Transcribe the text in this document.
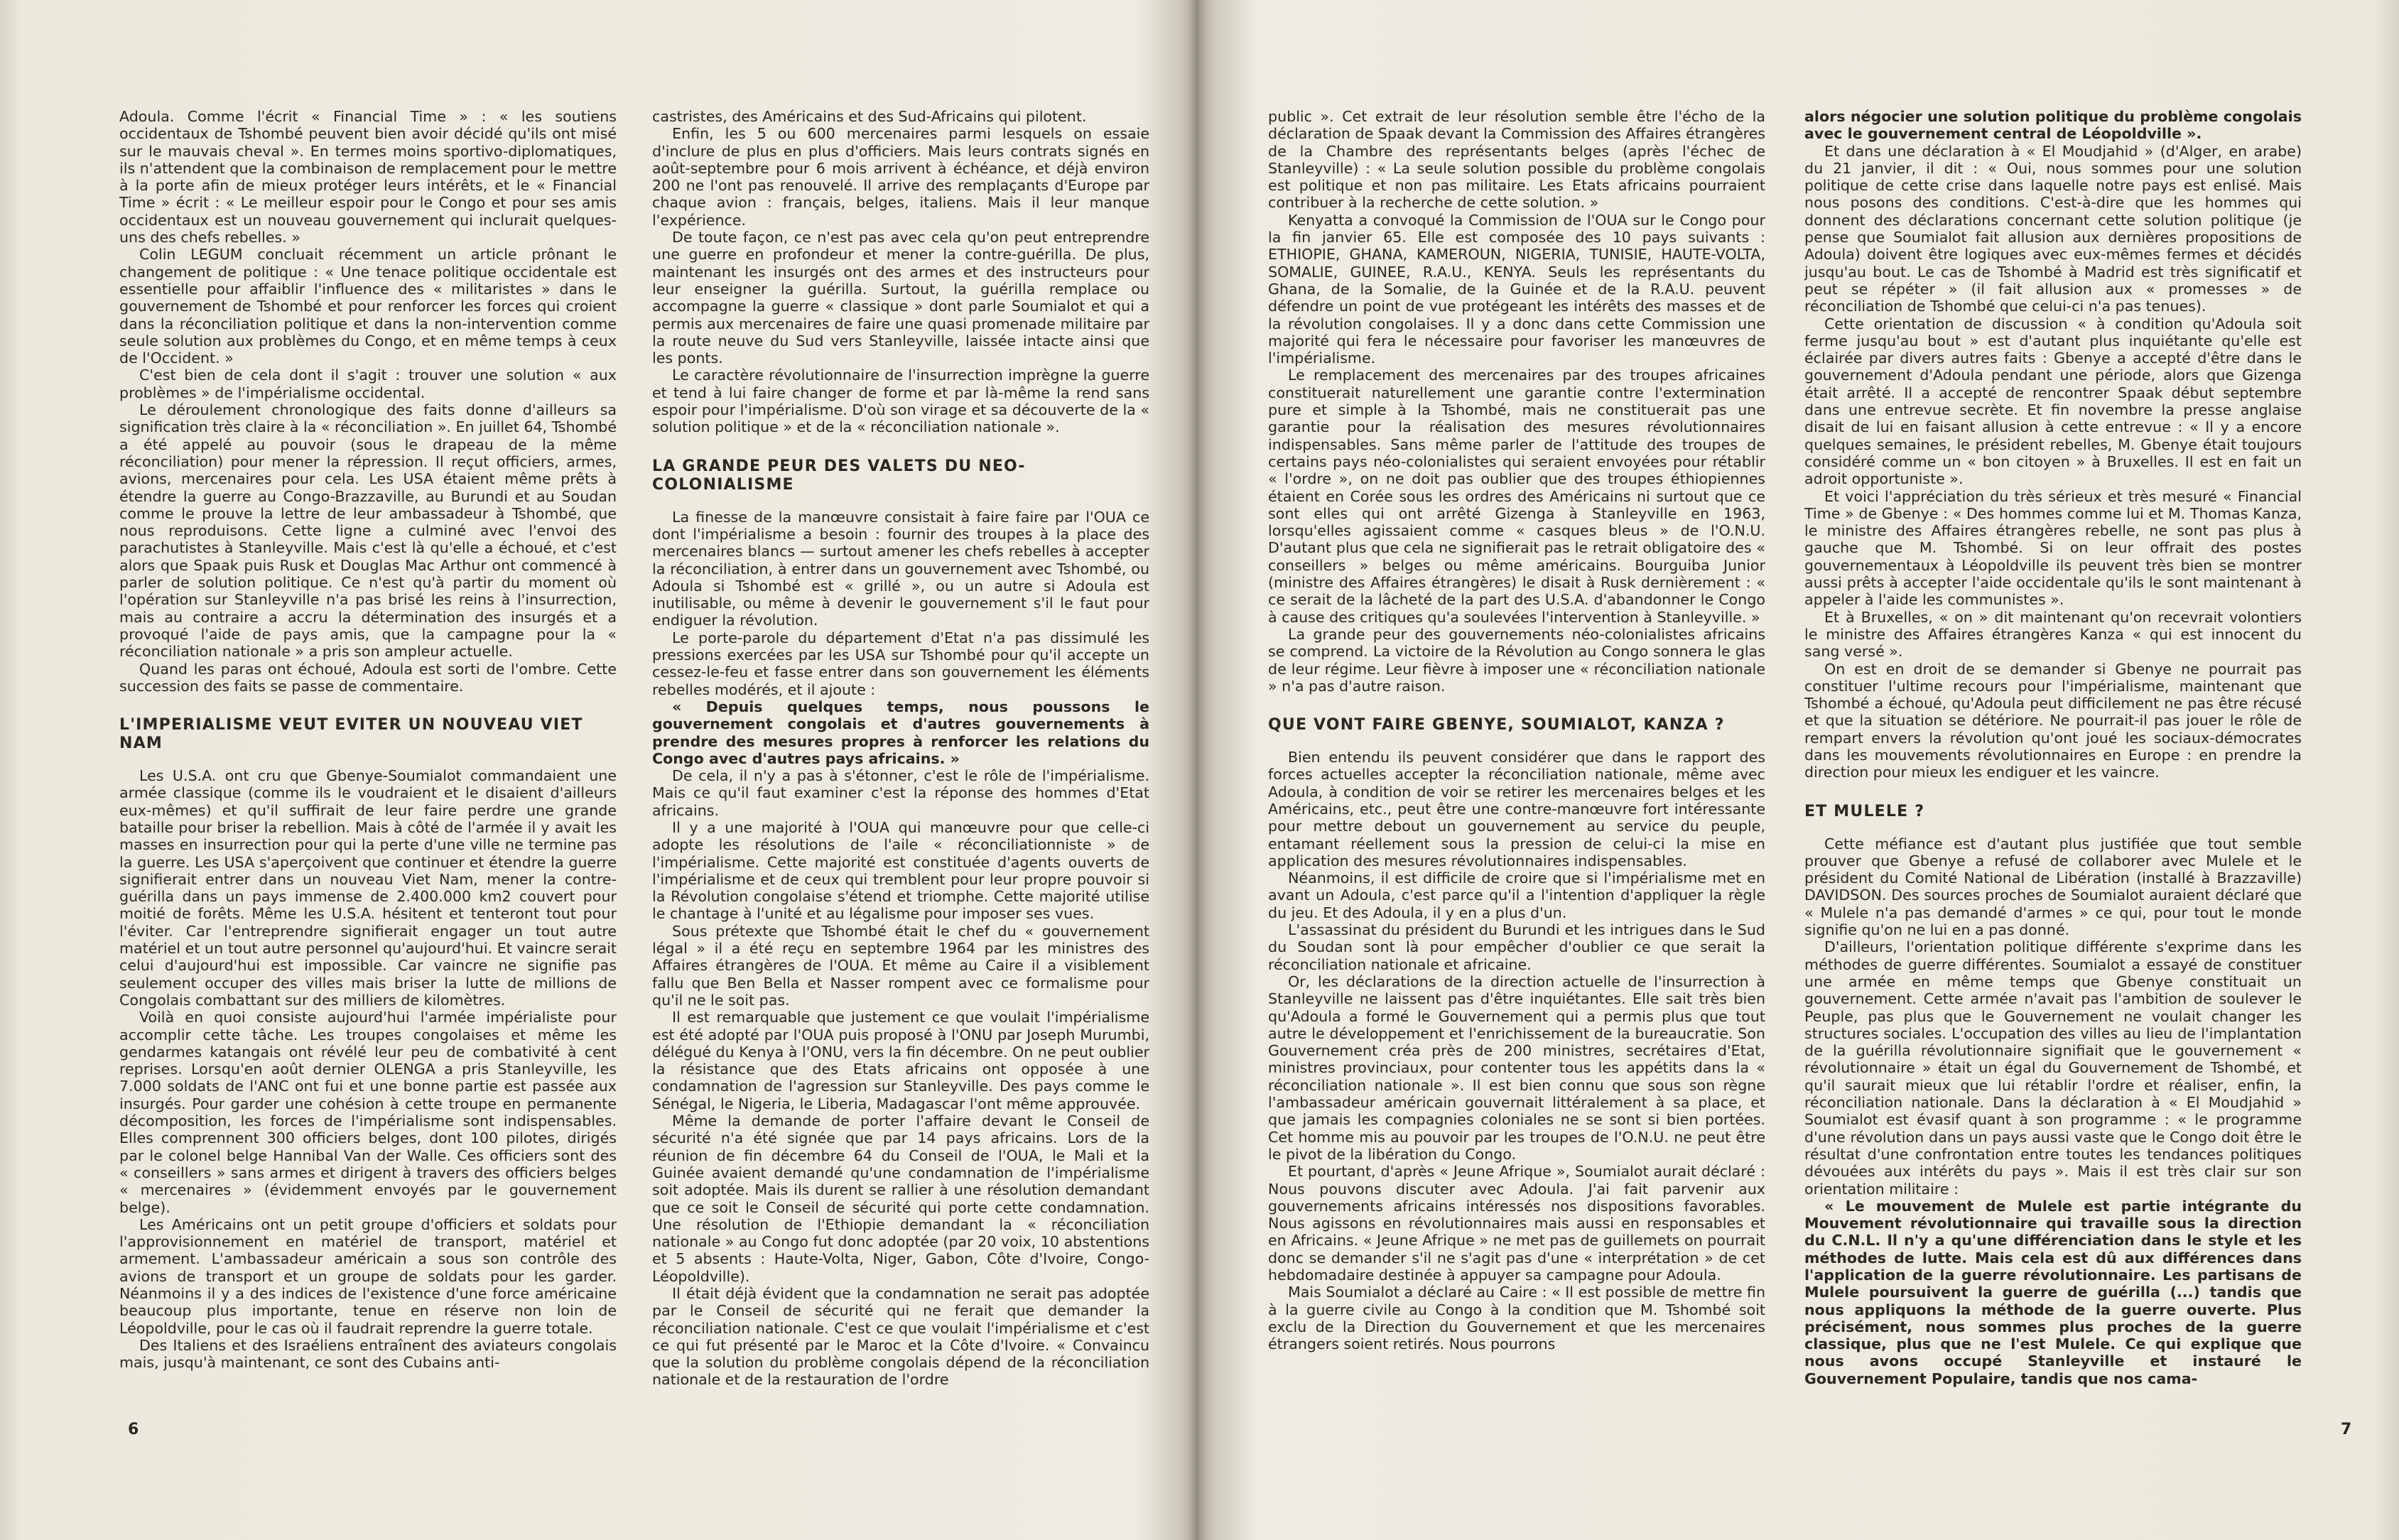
Adoula. Comme l'écrit « Financial Time » : « les soutiens occidentaux de Tshombé peuvent bien avoir décidé qu'ils ont misé sur le mauvais cheval ». En termes moins sportivo-diplomatiques, ils n'attendent que la combinaison de remplacement pour le mettre à la porte afin de mieux protéger leurs intérêts, et le « Financial Time » écrit : « Le meilleur espoir pour le Congo et pour ses amis occidentaux est un nouveau gouvernement qui inclurait quelques-uns des chefs rebelles. »

Colin LEGUM concluait récemment un article prônant le changement de politique : « Une tenace politique occidentale est essentielle pour affaiblir l'influence des « militaristes » dans le gouvernement de Tshombé et pour renforcer les forces qui croient dans la réconciliation politique et dans la non-intervention comme seule solution aux problèmes du Congo, et en même temps à ceux de l'Occident. »

C'est bien de cela dont il s'agit : trouver une solution « aux problèmes » de l'impérialisme occidental.

Le déroulement chronologique des faits donne d'ailleurs sa signification très claire à la « réconciliation ». En juillet 64, Tshombé a été appelé au pouvoir (sous le drapeau de la même réconciliation) pour mener la répression. Il reçut officiers, armes, avions, mercenaires pour cela. Les USA étaient même prêts à étendre la guerre au Congo-Brazzaville, au Burundi et au Soudan comme le prouve la lettre de leur ambassadeur à Tshombé, que nous reproduisons. Cette ligne a culminé avec l'envoi des parachutistes à Stanleyville. Mais c'est là qu'elle a échoué, et c'est alors que Spaak puis Rusk et Douglas Mac Arthur ont commencé à parler de solution politique. Ce n'est qu'à partir du moment où l'opération sur Stanleyville n'a pas brisé les reins à l'insurrection, mais au contraire a accru la détermination des insurgés et a provoqué l'aide de pays amis, que la campagne pour la « réconciliation nationale » a pris son ampleur actuelle.

Quand les paras ont échoué, Adoula est sorti de l'ombre. Cette succession des faits se passe de commentaire.

L'IMPERIALISME VEUT EVITER UN NOUVEAU VIET NAM

Les U.S.A. ont cru que Gbenye-Soumialot commandaient une armée classique (comme ils le voudraient et le disaient d'ailleurs eux-mêmes) et qu'il suffirait de leur faire perdre une grande bataille pour briser la rebellion. Mais à côté de l'armée il y avait les masses en insurrection pour qui la perte d'une ville ne termine pas la guerre. Les USA s'aperçoivent que continuer et étendre la guerre signifierait entrer dans un nouveau Viet Nam, mener la contre-guérilla dans un pays immense de 2.400.000 km2 couvert pour moitié de forêts. Même les U.S.A. hésitent et tenteront tout pour l'éviter. Car l'entreprendre signifierait engager un tout autre matériel et un tout autre personnel qu'aujourd'hui. Et vaincre serait celui d'aujourd'hui est impossible. Car vaincre ne signifie pas seulement occuper des villes mais briser la lutte de millions de Congolais combattant sur des milliers de kilomètres.

Voilà en quoi consiste aujourd'hui l'armée impérialiste pour accomplir cette tâche. Les troupes congolaises et même les gendarmes katangais ont révélé leur peu de combativité à cent reprises. Lorsqu'en août dernier OLENGA a pris Stanleyville, les 7.000 soldats de l'ANC ont fui et une bonne partie est passée aux insurgés. Pour garder une cohésion à cette troupe en permanente décomposition, les forces de l'impérialisme sont indispensables. Elles comprennent 300 officiers belges, dont 100 pilotes, dirigés par le colonel belge Hannibal Van der Walle. Ces officiers sont des « conseillers » sans armes et dirigent à travers des officiers belges « mercenaires » (évidemment envoyés par le gouvernement belge).

Les Américains ont un petit groupe d'officiers et soldats pour l'approvisionnement en matériel de transport, matériel et armement. L'ambassadeur américain a sous son contrôle des avions de transport et un groupe de soldats pour les garder. Néanmoins il y a des indices de l'existence d'une force américaine beaucoup plus importante, tenue en réserve non loin de Léopoldville, pour le cas où il faudrait reprendre la guerre totale.

Des Italiens et des Israéliens entraînent des aviateurs congolais mais, jusqu'à maintenant, ce sont des Cubains anti-

castristes, des Américains et des Sud-Africains qui pilotent.

Enfin, les 5 ou 600 mercenaires parmi lesquels on essaie d'inclure de plus en plus d'officiers. Mais leurs contrats signés en août-septembre pour 6 mois arrivent à échéance, et déjà environ 200 ne l'ont pas renouvelé. Il arrive des remplaçants d'Europe par chaque avion : français, belges, italiens. Mais il leur manque l'expérience.

De toute façon, ce n'est pas avec cela qu'on peut entreprendre une guerre en profondeur et mener la contre-guérilla. De plus, maintenant les insurgés ont des armes et des instructeurs pour leur enseigner la guérilla. Surtout, la guérilla remplace ou accompagne la guerre « classique » dont parle Soumialot et qui a permis aux mercenaires de faire une quasi promenade militaire par la route neuve du Sud vers Stanleyville, laissée intacte ainsi que les ponts.

Le caractère révolutionnaire de l'insurrection imprègne la guerre et tend à lui faire changer de forme et par là-même la rend sans espoir pour l'impérialisme. D'où son virage et sa découverte de la « solution politique » et de la « réconciliation nationale ».

LA GRANDE PEUR DES VALETS DU NEO-COLONIALISME

La finesse de la manœuvre consistait à faire faire par l'OUA ce dont l'impérialisme a besoin : fournir des troupes à la place des mercenaires blancs — surtout amener les chefs rebelles à accepter la réconciliation, à entrer dans un gouvernement avec Tshombé, ou Adoula si Tshombé est « grillé », ou un autre si Adoula est inutilisable, ou même à devenir le gouvernement s'il le faut pour endiguer la révolution.

Le porte-parole du département d'Etat n'a pas dissimulé les pressions exercées par les USA sur Tshombé pour qu'il accepte un cessez-le-feu et fasse entrer dans son gouvernement les éléments rebelles modérés, et il ajoute :

« Depuis quelques temps, nous poussons le gouvernement congolais et d'autres gouvernements à prendre des mesures propres à renforcer les relations du Congo avec d'autres pays africains. »

De cela, il n'y a pas à s'étonner, c'est le rôle de l'impérialisme. Mais ce qu'il faut examiner c'est la réponse des hommes d'Etat africains.

Il y a une majorité à l'OUA qui manœuvre pour que celle-ci adopte les résolutions de l'aile « réconciliationniste » de l'impérialisme. Cette majorité est constituée d'agents ouverts de l'impérialisme et de ceux qui tremblent pour leur propre pouvoir si la Révolution congolaise s'étend et triomphe. Cette majorité utilise le chantage à l'unité et au légalisme pour imposer ses vues.

Sous prétexte que Tshombé était le chef du « gouvernement légal » il a été reçu en septembre 1964 par les ministres des Affaires étrangères de l'OUA. Et même au Caire il a visiblement fallu que Ben Bella et Nasser rompent avec ce formalisme pour qu'il ne le soit pas.

Il est remarquable que justement ce que voulait l'impérialisme est été adopté par l'OUA puis proposé à l'ONU par Joseph Murumbi, délégué du Kenya à l'ONU, vers la fin décembre. On ne peut oublier la résistance que des Etats africains ont opposée à une condamnation de l'agression sur Stanleyville. Des pays comme le Sénégal, le Nigeria, le Liberia, Madagascar l'ont même approuvée.

Même la demande de porter l'affaire devant le Conseil de sécurité n'a été signée que par 14 pays africains. Lors de la réunion de fin décembre 64 du Conseil de l'OUA, le Mali et la Guinée avaient demandé qu'une condamnation de l'impérialisme soit adoptée. Mais ils durent se rallier à une résolution demandant que ce soit le Conseil de sécurité qui porte cette condamnation. Une résolution de l'Ethiopie demandant la « réconciliation nationale » au Congo fut donc adoptée (par 20 voix, 10 abstentions et 5 absents : Haute-Volta, Niger, Gabon, Côte d'Ivoire, Congo-Léopoldville).

Il était déjà évident que la condamnation ne serait pas adoptée par le Conseil de sécurité qui ne ferait que demander la réconciliation nationale. C'est ce que voulait l'impérialisme et c'est ce qui fut présenté par le Maroc et la Côte d'Ivoire. « Convaincu que la solution du problème congolais dépend de la réconciliation nationale et de la restauration de l'ordre

6

public ». Cet extrait de leur résolution semble être l'écho de la déclaration de Spaak devant la Commission des Affaires étrangères de la Chambre des représentants belges (après l'échec de Stanleyville) : « La seule solution possible du problème congolais est politique et non pas militaire. Les Etats africains pourraient contribuer à la recherche de cette solution. »

Kenyatta a convoqué la Commission de l'OUA sur le Congo pour la fin janvier 65. Elle est composée des 10 pays suivants : ETHIOPIE, GHANA, KAMEROUN, NIGERIA, TUNISIE, HAUTE-VOLTA, SOMALIE, GUINEE, R.A.U., KENYA. Seuls les représentants du Ghana, de la Somalie, de la Guinée et de la R.A.U. peuvent défendre un point de vue protégeant les intérêts des masses et de la révolution congolaises. Il y a donc dans cette Commission une majorité qui fera le nécessaire pour favoriser les manœuvres de l'impérialisme.

Le remplacement des mercenaires par des troupes africaines constituerait naturellement une garantie contre l'extermination pure et simple à la Tshombé, mais ne constituerait pas une garantie pour la réalisation des mesures révolutionnaires indispensables. Sans même parler de l'attitude des troupes de certains pays néo-colonialistes qui seraient envoyées pour rétablir « l'ordre », on ne doit pas oublier que des troupes éthiopiennes étaient en Corée sous les ordres des Américains ni surtout que ce sont elles qui ont arrêté Gizenga à Stanleyville en 1963, lorsqu'elles agissaient comme « casques bleus » de l'O.N.U. D'autant plus que cela ne signifierait pas le retrait obligatoire des « conseillers » belges ou même américains. Bourguiba Junior (ministre des Affaires étrangères) le disait à Rusk dernièrement : « ce serait de la lâcheté de la part des U.S.A. d'abandonner le Congo à cause des critiques qu'a soulevées l'intervention à Stanleyville. »

La grande peur des gouvernements néo-colonialistes africains se comprend. La victoire de la Révolution au Congo sonnera le glas de leur régime. Leur fièvre à imposer une « réconciliation nationale » n'a pas d'autre raison.

QUE VONT FAIRE GBENYE, SOUMIALOT, KANZA ?

Bien entendu ils peuvent considérer que dans le rapport des forces actuelles accepter la réconciliation nationale, même avec Adoula, à condition de voir se retirer les mercenaires belges et les Américains, etc., peut être une contre-manœuvre fort intéressante pour mettre debout un gouvernement au service du peuple, entamant réellement sous la pression de celui-ci la mise en application des mesures révolutionnaires indispensables.

Néanmoins, il est difficile de croire que si l'impérialisme met en avant un Adoula, c'est parce qu'il a l'intention d'appliquer la règle du jeu. Et des Adoula, il y en a plus d'un.

L'assassinat du président du Burundi et les intrigues dans le Sud du Soudan sont là pour empêcher d'oublier ce que serait la réconciliation nationale et africaine.

Or, les déclarations de la direction actuelle de l'insurrection à Stanleyville ne laissent pas d'être inquiétantes. Elle sait très bien qu'Adoula a formé le Gouvernement qui a permis plus que tout autre le développement et l'enrichissement de la bureaucratie. Son Gouvernement créa près de 200 ministres, secrétaires d'Etat, ministres provinciaux, pour contenter tous les appétits dans la « réconciliation nationale ». Il est bien connu que sous son règne l'ambassadeur américain gouvernait littéralement à sa place, et que jamais les compagnies coloniales ne se sont si bien portées. Cet homme mis au pouvoir par les troupes de l'O.N.U. ne peut être le pivot de la libération du Congo.

Et pourtant, d'après « Jeune Afrique », Soumialot aurait déclaré : Nous pouvons discuter avec Adoula. J'ai fait parvenir aux gouvernements africains intéressés nos dispositions favorables. Nous agissons en révolutionnaires mais aussi en responsables et en Africains. « Jeune Afrique » ne met pas de guillemets on pourrait donc se demander s'il ne s'agit pas d'une « interprétation » de cet hebdomadaire destinée à appuyer sa campagne pour Adoula.

Mais Soumialot a déclaré au Caire : « Il est possible de mettre fin à la guerre civile au Congo à la condition que M. Tshombé soit exclu de la Direction du Gouvernement et que les mercenaires étrangers soient retirés. Nous pourrons

alors négocier une solution politique du problème congolais avec le gouvernement central de Léopoldville ».

Et dans une déclaration à « El Moudjahid » (d'Alger, en arabe) du 21 janvier, il dit : « Oui, nous sommes pour une solution politique de cette crise dans laquelle notre pays est enlisé. Mais nous posons des conditions. C'est-à-dire que les hommes qui donnent des déclarations concernant cette solution politique (je pense que Soumialot fait allusion aux dernières propositions de Adoula) doivent être logiques avec eux-mêmes fermes et décidés jusqu'au bout. Le cas de Tshombé à Madrid est très significatif et peut se répéter » (il fait allusion aux « promesses » de réconciliation de Tshombé que celui-ci n'a pas tenues).

Cette orientation de discussion « à condition qu'Adoula soit ferme jusqu'au bout » est d'autant plus inquiétante qu'elle est éclairée par divers autres faits : Gbenye a accepté d'être dans le gouvernement d'Adoula pendant une période, alors que Gizenga était arrêté. Il a accepté de rencontrer Spaak début septembre dans une entrevue secrète. Et fin novembre la presse anglaise disait de lui en faisant allusion à cette entrevue : « Il y a encore quelques semaines, le président rebelles, M. Gbenye était toujours considéré comme un « bon citoyen » à Bruxelles. Il est en fait un adroit opportuniste ».

Et voici l'appréciation du très sérieux et très mesuré « Financial Time » de Gbenye : « Des hommes comme lui et M. Thomas Kanza, le ministre des Affaires étrangères rebelle, ne sont pas plus à gauche que M. Tshombé. Si on leur offrait des postes gouvernementaux à Léopoldville ils peuvent très bien se montrer aussi prêts à accepter l'aide occidentale qu'ils le sont maintenant à appeler à l'aide les communistes ».

Et à Bruxelles, « on » dit maintenant qu'on recevrait volontiers le ministre des Affaires étrangères Kanza « qui est innocent du sang versé ».

On est en droit de se demander si Gbenye ne pourrait pas constituer l'ultime recours pour l'impérialisme, maintenant que Tshombé a échoué, qu'Adoula peut difficilement ne pas être récusé et que la situation se détériore. Ne pourrait-il pas jouer le rôle de rempart envers la révolution qu'ont joué les sociaux-démocrates dans les mouvements révolutionnaires en Europe : en prendre la direction pour mieux les endiguer et les vaincre.

ET MULELE ?

Cette méfiance est d'autant plus justifiée que tout semble prouver que Gbenye a refusé de collaborer avec Mulele et le président du Comité National de Libération (installé à Brazzaville) DAVIDSON. Des sources proches de Soumialot auraient déclaré que « Mulele n'a pas demandé d'armes » ce qui, pour tout le monde signifie qu'on ne lui en a pas donné.

D'ailleurs, l'orientation politique différente s'exprime dans les méthodes de guerre différentes. Soumialot a essayé de constituer une armée en même temps que Gbenye constituait un gouvernement. Cette armée n'avait pas l'ambition de soulever le Peuple, pas plus que le Gouvernement ne voulait changer les structures sociales. L'occupation des villes au lieu de l'implantation de la guérilla révolutionnaire signifiait que le gouvernement « révolutionnaire » était un égal du Gouvernement de Tshombé, et qu'il saurait mieux que lui rétablir l'ordre et réaliser, enfin, la réconciliation nationale. Dans la déclaration à « El Moudjahid » Soumialot est évasif quant à son programme : « le programme d'une révolution dans un pays aussi vaste que le Congo doit être le résultat d'une confrontation entre toutes les tendances politiques dévouées aux intérêts du pays ». Mais il est très clair sur son orientation militaire :

« Le mouvement de Mulele est partie intégrante du Mouvement révolutionnaire qui travaille sous la direction du C.N.L. Il n'y a qu'une différenciation dans le style et les méthodes de lutte. Mais cela est dû aux différences dans l'application de la guerre révolutionnaire. Les partisans de Mulele poursuivent la guerre de guérilla (...) tandis que nous appliquons la méthode de la guerre ouverte. Plus précisément, nous sommes plus proches de la guerre classique, plus que ne l'est Mulele. Ce qui explique que nous avons occupé Stanleyville et instauré le Gouvernement Populaire, tandis que nos cama-

7
